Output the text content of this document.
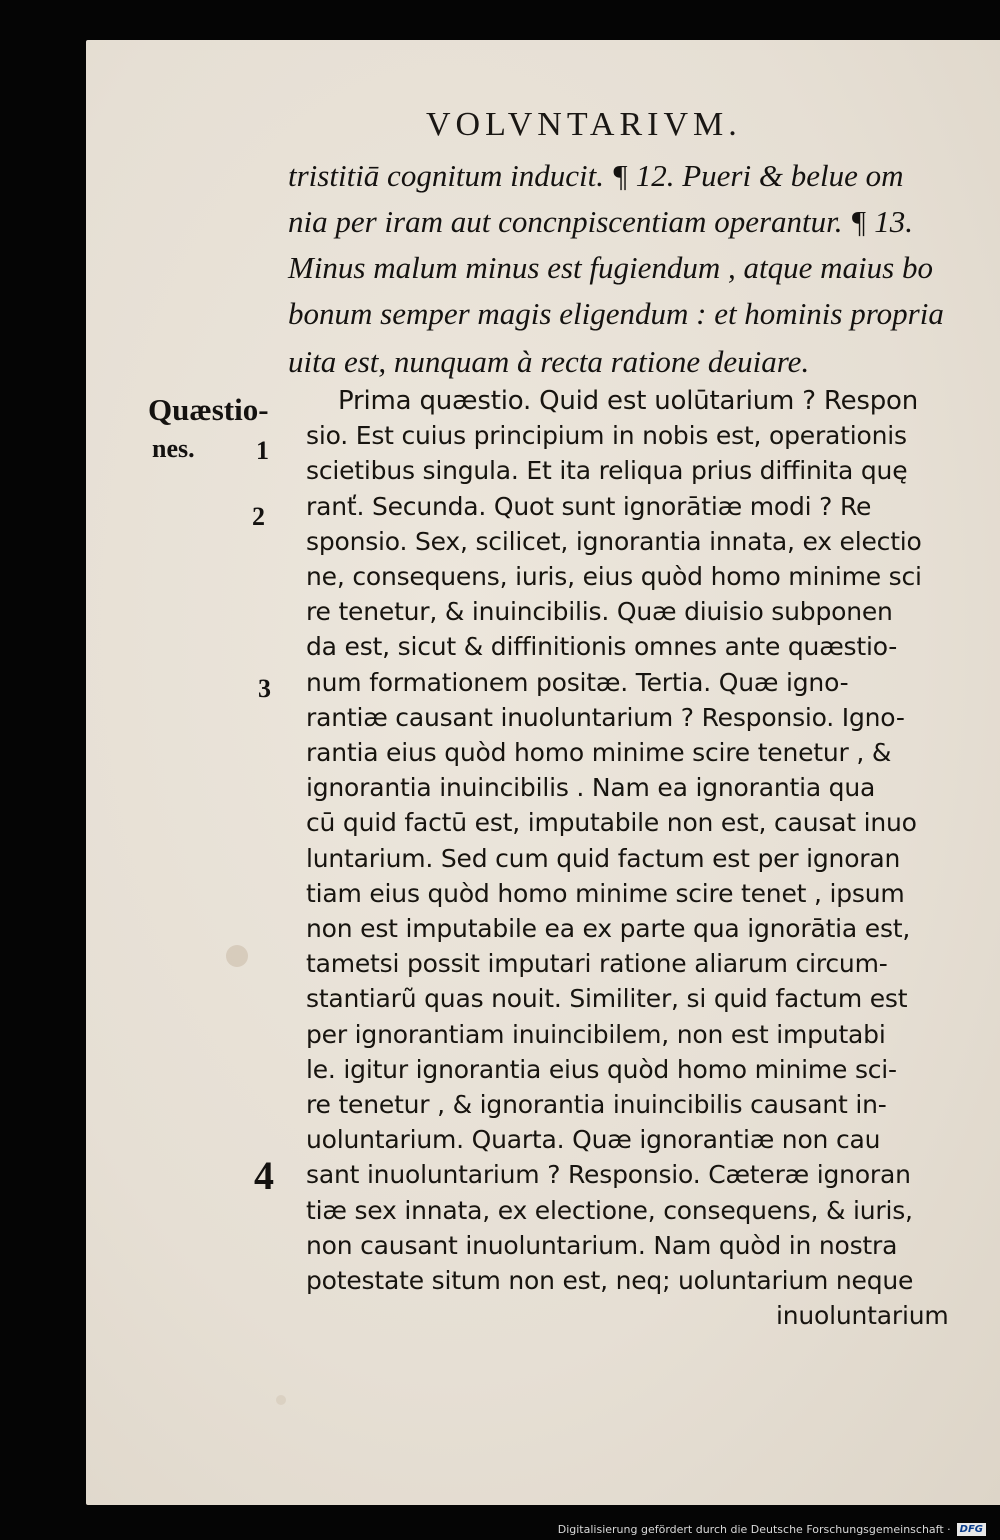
VOLVNTARIVM.
tristitiā cognitum inducit. ¶ 12. Pueri & belue om
nia per iram aut concnpiscentiam operantur. ¶ 13.
Minus malum minus est fugiendum , atque maius bo
bonum semper magis eligendum : et hominis propria
uita est, nunquam à recta ratione deuiare.
Quæstio-
nes. 1
2
3
4
Prima quæstio. Quid est uolūtarium ? Respon
sio. Est cuius principium in nobis est, operationis
scietibus singula. Et ita reliqua prius diffinita quę
ranť. Secunda. Quot sunt ignorātiæ modi ? Re
sponsio. Sex, scilicet, ignorantia innata, ex electio
ne, consequens, iuris, eius quòd homo minime sci
re tenetur, & inuincibilis. Quæ diuisio subponen
da est, sicut & diffinitionis omnes ante quæstio-
num formationem positæ. Tertia. Quæ igno-
rantiæ causant inuoluntarium ? Responsio. Igno-
rantia eius quòd homo minime scire tenetur , &
ignorantia inuincibilis . Nam ea ignorantia qua
cū quid factū est, imputabile non est, causat inuo
luntarium. Sed cum quid factum est per ignoran
tiam eius quòd homo minime scire tenet , ipsum
non est imputabile ea ex parte qua ignorātia est,
tametsi possit imputari ratione aliarum circum-
stantiarũ quas nouit. Similiter, si quid factum est
per ignorantiam inuincibilem, non est imputabi
le. igitur ignorantia eius quòd homo minime sci-
re tenetur , & ignorantia inuincibilis causant in-
uoluntarium. Quarta. Quæ ignorantiæ non cau
sant inuoluntarium ? Responsio. Cæteræ ignoran
tiæ sex innata, ex electione, consequens, & iuris,
non causant inuoluntarium. Nam quòd in nostra
potestate situm non est, neq; uoluntarium neque
inuoluntarium
Digitalisierung gefördert durch die Deutsche Forschungsgemeinschaft · DFG
